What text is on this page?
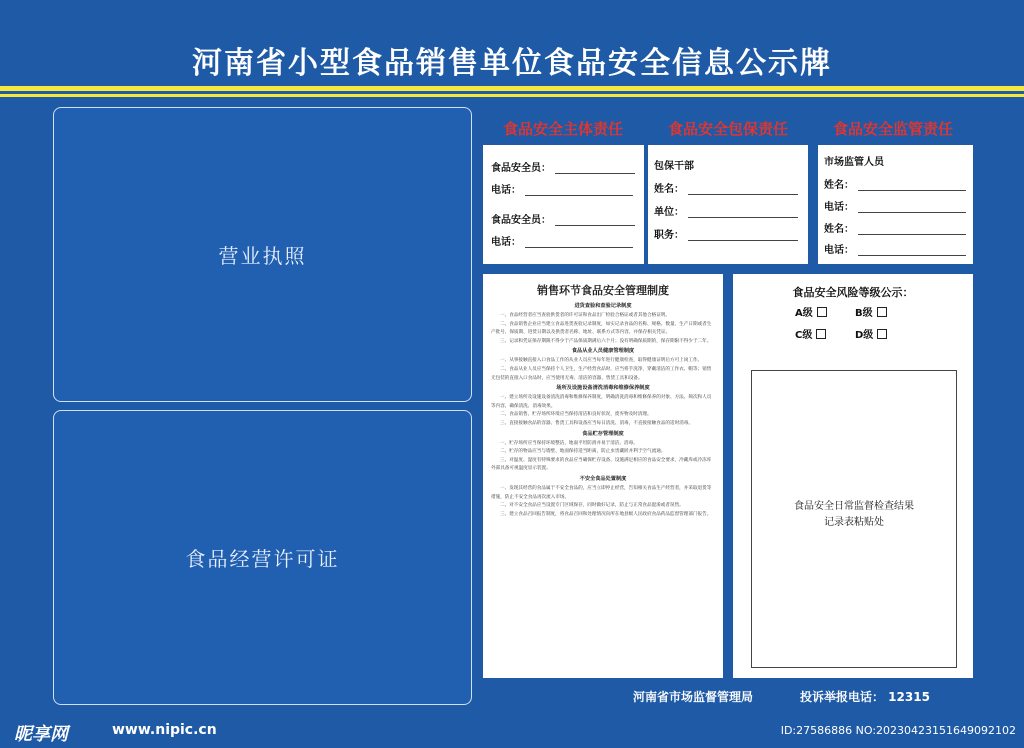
河南省小型食品销售单位食品安全信息公示牌
营业执照
食品经营许可证
食品安全主体责任	食品安全包保责任	食品安全监管责任
食品安全员：
电话：
食品安全员：
电话：
包保干部
姓名：
单位：
职务：
市场监管人员
姓名：
电话：
姓名：
电话：
销售环节食品安全管理制度
进货查验和查验记录制度
一、食品经营者应当查验供货者的许可证和食品出厂检验合格证或者其他合格证明。
二、食品销售企业应当建立食品进货查验记录制度，如实记录食品的名称、规格、数量、生产日期或者生产批号、保质期、进货日期以及供货者名称、地址、联系方式等内容，并保存相关凭证。
三、记录和凭证保存期限不得少于产品保质期满后六个月；没有明确保质期的，保存期限不得少于二年。
食品从业人员健康管理制度
一、从事接触直接入口食品工作的从业人员应当每年进行健康检查，取得健康证明后方可上岗工作。
二、食品从业人员应当保持个人卫生，生产经营食品时，应当将手洗净，穿戴清洁的工作衣、帽等；销售无包装的直接入口食品时，应当使用无毒、清洁的容器、售货工具和设备。
场所及设施设备清洗消毒和维修保养制度
一、建立场所及设施设备清洗消毒和维修保养制度，明确清洗消毒和维修保养的对象、方法、频次和人员等内容，确保清洗、消毒效果。
二、食品销售、贮存场所环境应当保持清洁和良好状况，废弃物及时清理。
三、直接接触食品的容器、售货工具和设备应当每日清洗、消毒，不直接接触食品的适时消毒。
食品贮存管理制度
一、贮存场所应当保持环境整洁，地面平坦防滑并易于清洁、消毒。
二、贮存的物品应当与墙壁、地面保持适当距离，防止虫害藏匿并利于空气流通。
三、对温度、湿度有特殊要求的食品应当确保贮存设备、设施满足相应的食品安全要求，冷藏库或冷冻库外部具备可视温度显示装置。
不安全食品处置制度
一、发现其经营的食品属于不安全食品的，应当立即停止经营，告知相关食品生产经营者，并采取退货等措施，防止不安全食品再次流入市场。
二、对不安全食品应当设置专门区域保存，同时做好记录，防止与正常食品混淆或者误售。
三、建立食品召回报告制度，将食品召回和处理情况向所在地县级人民政府食品药品监督管理部门报告。
食品安全风险等级公示：
A级	B级
C级	D级
食品安全日常监督检查结果
记录表粘贴处
河南省市场监督管理局	投诉举报电话： 12315
昵享网	www.nipic.cn	ID:27586886 NO:20230423151649092102
